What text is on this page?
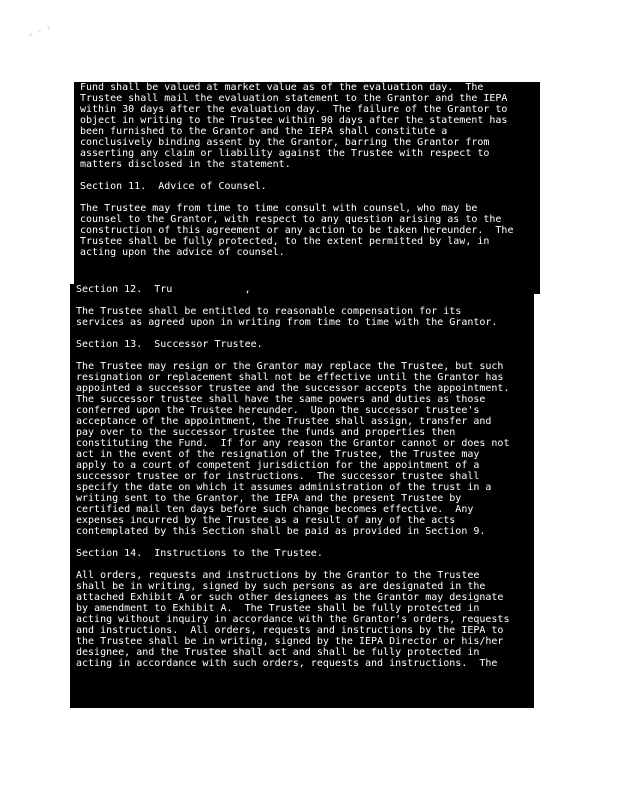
ᵃ ᵉ ³

Fund shall be valued at market value as of the evaluation day.  The

Trustee shall mail the evaluation statement to the Grantor and the IEPA

within 30 days after the evaluation day.  The failure of the Grantor to

object in writing to the Trustee within 90 days after the statement has

been furnished to the Grantor and the IEPA shall constitute a

conclusively binding assent by the Grantor, barring the Grantor from

asserting any claim or liability against the Trustee with respect to

matters disclosed in the statement.

Section 11.  Advice of Counsel.

The Trustee may from time to time consult with counsel, who may be

counsel to the Grantor, with respect to any question arising as to the

construction of this agreement or any action to be taken hereunder.  The

Trustee shall be fully protected, to the extent permitted by law, in

acting upon the advice of counsel.

Section 12.  Tru            ,

The Trustee shall be entitled to reasonable compensation for its

services as agreed upon in writing from time to time with the Grantor.

Section 13.  Successor Trustee.

The Trustee may resign or the Grantor may replace the Trustee, but such

resignation or replacement shall not be effective until the Grantor has

appointed a successor trustee and the successor accepts the appointment.

The successor trustee shall have the same powers and duties as those

conferred upon the Trustee hereunder.  Upon the successor trustee's

acceptance of the appointment, the Trustee shall assign, transfer and

pay over to the successor trustee the funds and properties then

constituting the Fund.  If for any reason the Grantor cannot or does not

act in the event of the resignation of the Trustee, the Trustee may

apply to a court of competent jurisdiction for the appointment of a

successor trustee or for instructions.  The successor trustee shall

specify the date on which it assumes administration of the trust in a

writing sent to the Grantor, the IEPA and the present Trustee by

certified mail ten days before such change becomes effective.  Any

expenses incurred by the Trustee as a result of any of the acts

contemplated by this Section shall be paid as provided in Section 9.

Section 14.  Instructions to the Trustee.

All orders, requests and instructions by the Grantor to the Trustee

shall be in writing, signed by such persons as are designated in the

attached Exhibit A or such other designees as the Grantor may designate

by amendment to Exhibit A.  The Trustee shall be fully protected in

acting without inquiry in accordance with the Grantor's orders, requests

and instructions.  All orders, requests and instructions by the IEPA to

the Trustee shall be in writing, signed by the IEPA Director or his/her

designee, and the Trustee shall act and shall be fully protected in

acting in accordance with such orders, requests and instructions.  The
